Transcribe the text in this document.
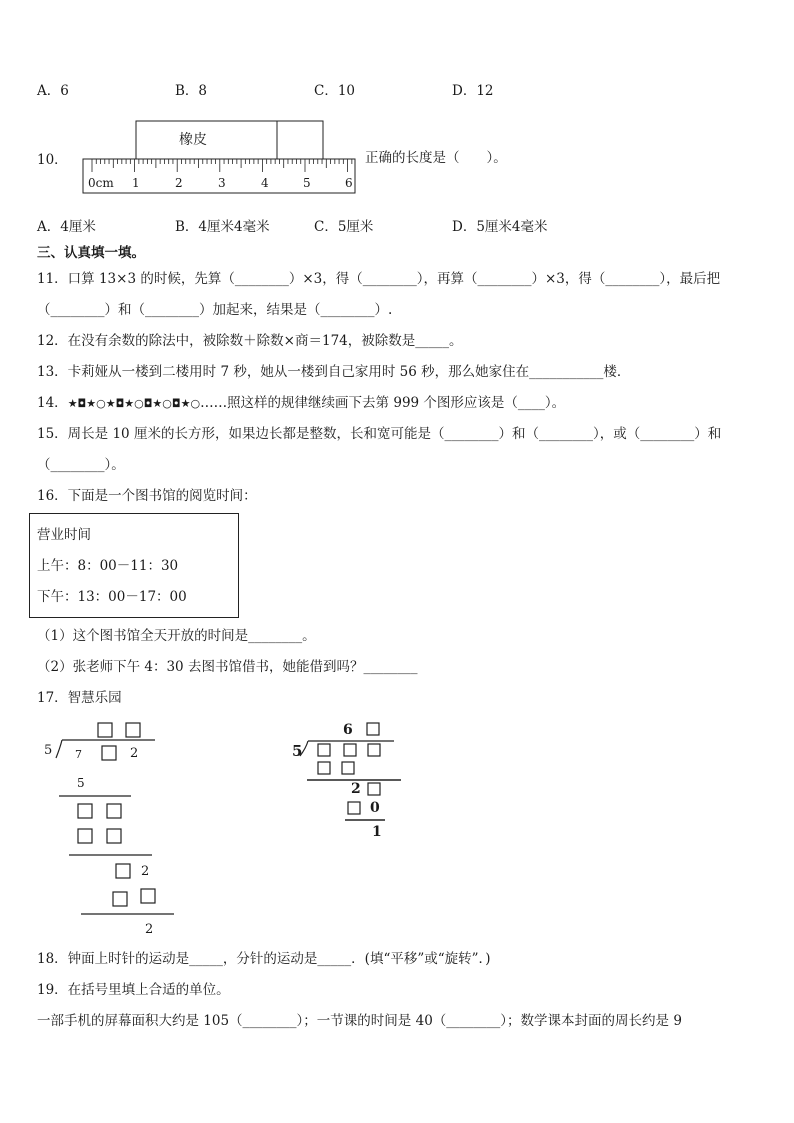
A．6	B．8	C．10	D．12
10．
橡皮
0cm 1	2	3	4	5	6
正确的长度是（　　）。
A．4厘米	B．4厘米4毫米	C．5厘米	D．5厘米4毫米
三、认真填一填。
11．口算 13×3 的时候，先算（________）×3，得（________），再算（________）×3，得（________），最后把
（________）和（________）加起来，结果是（________）.
12．在没有余数的除法中，被除数＋除数×商＝174，被除数是_____。
13．卡莉娅从一楼到二楼用时 7 秒，她从一楼到自己家用时 56 秒，那么她家住在___________楼．
14．★◘★○★◘★○◘★○◘★○……照这样的规律继续画下去第 999 个图形应该是（____）。
15．周长是 10 厘米的长方形，如果边长都是整数，长和宽可能是（________）和（________），或（________）和
（________）。
16．下面是一个图书馆的阅览时间：
营业时间
上午：8：00－11：30
下午：13：00－17：00
（1）这个图书馆全天开放的时间是________。
（2）张老师下午 4：30 去图书馆借书，她能借到吗？________
17．智慧乐园
5 7	2
5
2
2
5
6
2
0
1
18．钟面上时针的运动是_____，分针的运动是_____．(填“平移”或“旋转”．)
19．在括号里填上合适的单位。
一部手机的屏幕面积大约是 105（________）；一节课的时间是 40（________）；数学课本封面的周长约是 9
